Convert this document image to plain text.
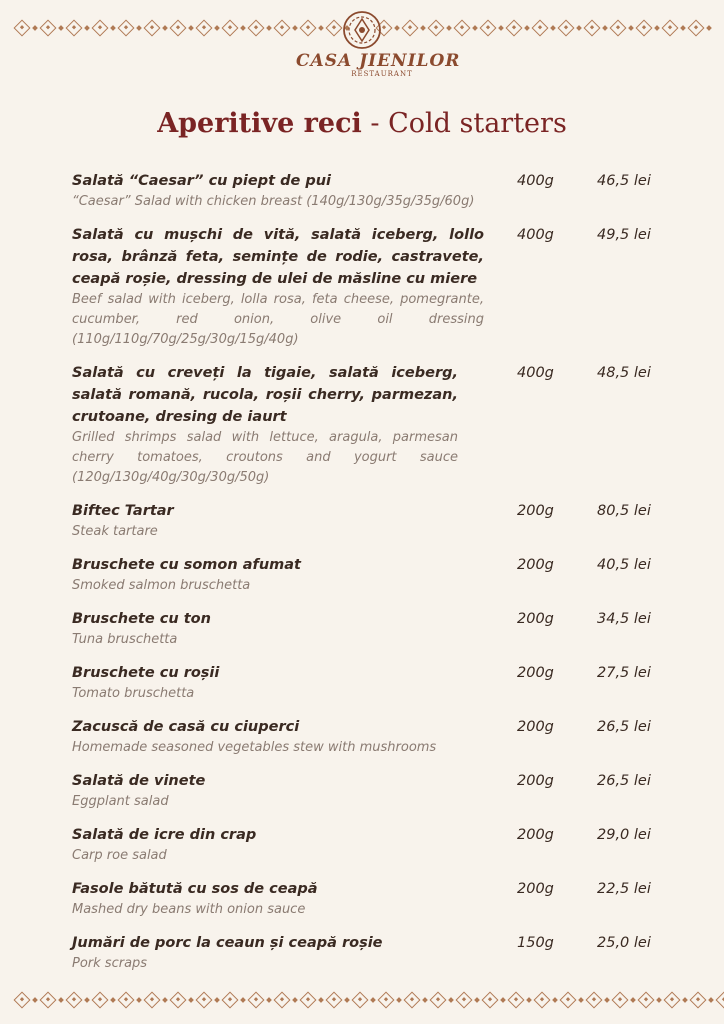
CASA JIENILOR
RESTAURANT
Aperitive reci - Cold starters
Salată “Caesar” cu piept de pui
“Caesar” Salad with chicken breast (140g/130g/35g/35g/60g)
400g	46,5 lei
Salată cu mușchi de vită, salată iceberg, lollo rosa, brânză feta, semințe de rodie, castravete, ceapă roșie, dressing de ulei de măsline cu miere
Beef salad with iceberg, lolla rosa, feta cheese, pomegrante, cucumber, red onion, olive oil dressing (110g/110g/70g/25g/30g/15g/40g)
400g	49,5 lei
Salată cu creveți la tigaie, salată iceberg, salată romană, rucola, roșii cherry, parmezan, crutoane, dresing de iaurt
Grilled shrimps salad with lettuce, aragula, parmesan cherry tomatoes, croutons and yogurt sauce (120g/130g/40g/30g/30g/50g)
400g	48,5 lei
Biftec Tartar
Steak tartare
200g	80,5 lei
Bruschete cu somon afumat
Smoked salmon bruschetta
200g	40,5 lei
Bruschete cu ton
Tuna bruschetta
200g	34,5 lei
Bruschete cu roșii
Tomato bruschetta
200g	27,5 lei
Zacuscă de casă cu ciuperci
Homemade seasoned vegetables stew with mushrooms
200g	26,5 lei
Salată de vinete
Eggplant salad
200g	26,5 lei
Salată de icre din crap
Carp roe salad
200g	29,0 lei
Fasole bătută cu sos de ceapă
Mashed dry beans with onion sauce
200g	22,5 lei
Jumări de porc la ceaun și ceapă roșie
Pork scraps
150g	25,0 lei
